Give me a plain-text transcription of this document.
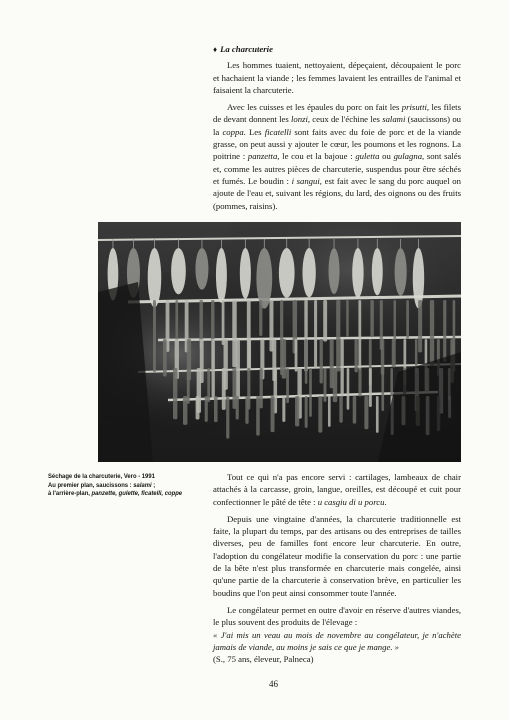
♦ La charcuterie

Les hommes tuaient, nettoyaient, dépeçaient, découpaient le porc et hachaient la viande ; les femmes lavaient les entrailles de l'animal et faisaient la charcuterie.

Avec les cuisses et les épaules du porc on fait les prisutti, les filets de devant donnent les lonzi, ceux de l'échine les salami (saucissons) ou la coppa. Les ficatelli sont faits avec du foie de porc et de la viande grasse, on peut aussi y ajouter le cœur, les poumons et les rognons. La poitrine : panzetta, le cou et la bajoue : guletta ou gulagna, sont salés et, comme les autres pièces de charcuterie, suspendus pour être séchés et fumés. Le boudin : i sangui, est fait avec le sang du porc auquel on ajoute de l'eau et, suivant les régions, du lard, des oignons ou des fruits (pommes, raisins).

Séchage de la charcuterie, Vero - 1991
Au premier plan, saucissons : salami ;
à l'arrière-plan, panzette, gulette, ficatelli, coppe

Tout ce qui n'a pas encore servi : cartilages, lambeaux de chair attachés à la carcasse, groin, langue, oreilles, est découpé et cuit pour confectionner le pâté de tête : u casgiu di u porcu.

Depuis une vingtaine d'années, la charcuterie traditionnelle est faite, la plupart du temps, par des artisans ou des entreprises de tailles diverses, peu de familles font encore leur charcuterie. En outre, l'adoption du congélateur modifie la conservation du porc : une partie de la bête n'est plus transformée en charcuterie mais congelée, ainsi qu'une partie de la charcuterie à conservation brève, en particulier les boudins que l'on peut ainsi consommer toute l'année.

Le congélateur permet en outre d'avoir en réserve d'autres viandes, le plus souvent des produits de l'élevage :

« J'ai mis un veau au mois de novembre au congélateur, je n'achète jamais de viande, au moins je sais ce que je mange. »

(S., 75 ans, éleveur, Palneca)

46
